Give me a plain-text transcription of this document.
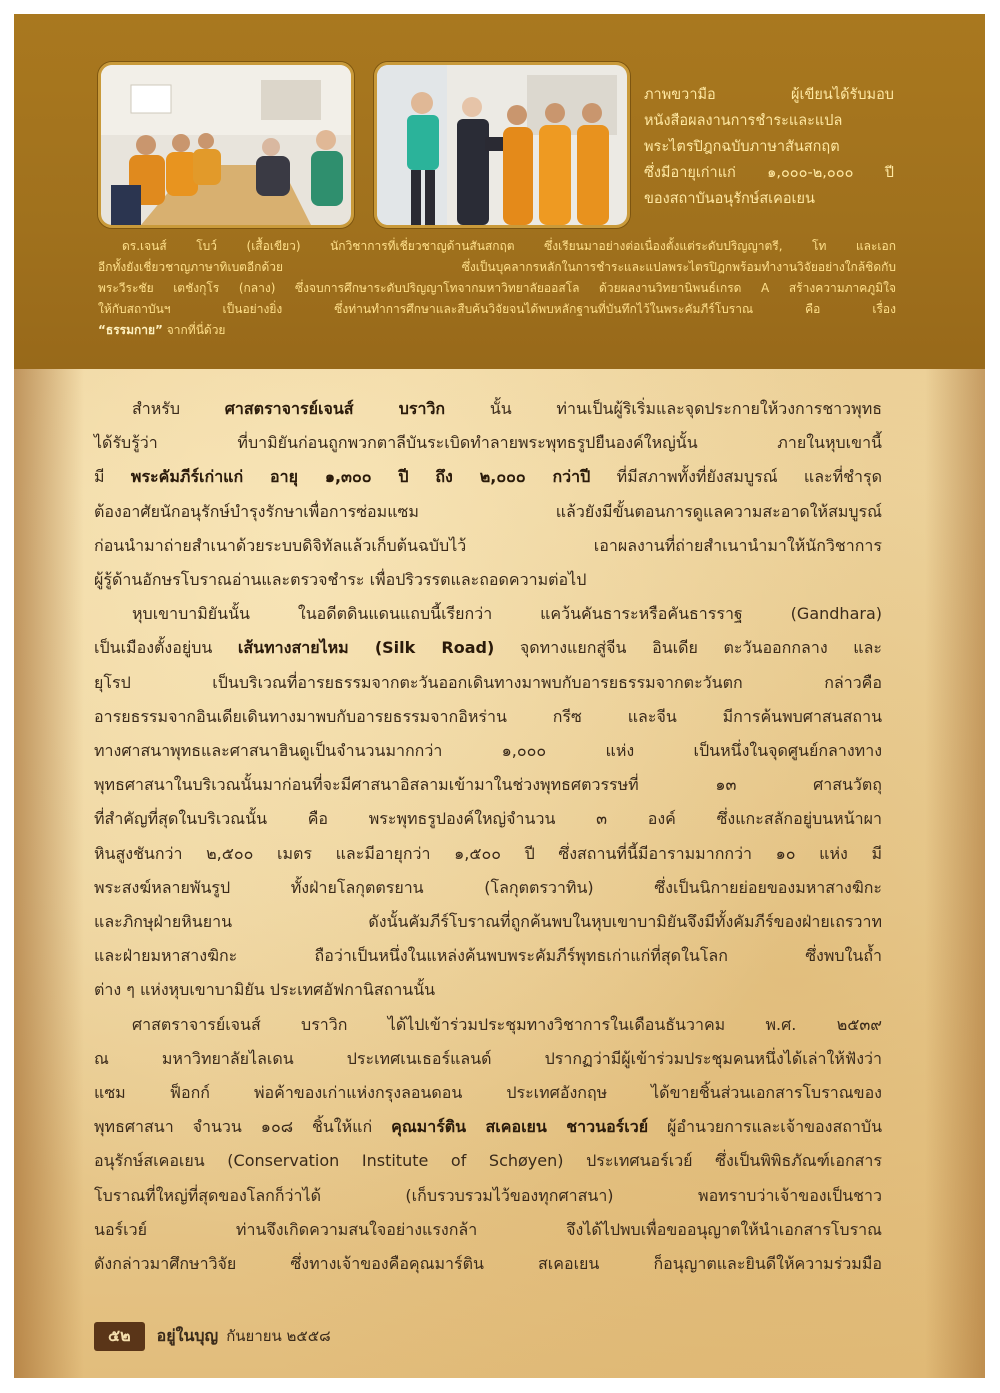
ภาพขวามือ ผู้เขียนได้รับมอบ
หนังสือผลงานการชำระและแปล
พระไตรปิฎกฉบับภาษาสันสกฤต
ซึ่งมีอายุเก่าแก่ ๑,๐๐๐-๒,๐๐๐ ปี
ของสถาบันอนุรักษ์สเคอเยน
ดร.เจนส์ โบว์ (เสื้อเขียว) นักวิชาการที่เชี่ยวชาญด้านสันสกฤต ซึ่งเรียนมาอย่างต่อเนื่องตั้งแต่ระดับปริญญาตรี, โท และเอก
อีกทั้งยังเชี่ยวชาญภาษาทิเบตอีกด้วย ซึ่งเป็นบุคลากรหลักในการชำระและแปลพระไตรปิฎกพร้อมทำงานวิจัยอย่างใกล้ชิดกับ
พระวีระชัย เตชังกุโร (กลาง) ซึ่งจบการศึกษาระดับปริญญาโทจากมหาวิทยาลัยออสโล ด้วยผลงานวิทยานิพนธ์เกรด A สร้างความภาคภูมิใจ
ให้กับสถาบันฯ เป็นอย่างยิ่ง ซึ่งท่านทำการศึกษาและสืบค้นวิจัยจนได้พบหลักฐานที่บันทึกไว้ในพระคัมภีร์โบราณ คือ เรื่อง
“ธรรมกาย” จากที่นี่ด้วย

สำหรับ ศาสตราจารย์เจนส์ บราวิก นั้น ท่านเป็นผู้ริเริ่มและจุดประกายให้วงการชาวพุทธ
ได้รับรู้ว่า ที่บามิยันก่อนถูกพวกตาลีบันระเบิดทำลายพระพุทธรูปยืนองค์ใหญ่นั้น ภายในหุบเขานี้
มี พระคัมภีร์เก่าแก่ อายุ ๑,๓๐๐ ปี ถึง ๒,๐๐๐ กว่าปี ที่มีสภาพทั้งที่ยังสมบูรณ์ และที่ชำรุด
ต้องอาศัยนักอนุรักษ์บำรุงรักษาเพื่อการซ่อมแซม แล้วยังมีขั้นตอนการดูแลความสะอาดให้สมบูรณ์
ก่อนนำมาถ่ายสำเนาด้วยระบบดิจิทัลแล้วเก็บต้นฉบับไว้ เอาผลงานที่ถ่ายสำเนานำมาให้นักวิชาการ
ผู้รู้ด้านอักษรโบราณอ่านและตรวจชำระ เพื่อปริวรรตและถอดความต่อไป

หุบเขาบามิยันนั้น ในอดีตดินแดนแถบนี้เรียกว่า แคว้นคันธาระหรือคันธารราฐ (Gandhara)
เป็นเมืองตั้งอยู่บน เส้นทางสายไหม (Silk Road) จุดทางแยกสู่จีน อินเดีย ตะวันออกกลาง และ
ยุโรป เป็นบริเวณที่อารยธรรมจากตะวันออกเดินทางมาพบกับอารยธรรมจากตะวันตก กล่าวคือ
อารยธรรมจากอินเดียเดินทางมาพบกับอารยธรรมจากอิหร่าน กรีซ และจีน มีการค้นพบศาสนสถาน
ทางศาสนาพุทธและศาสนาฮินดูเป็นจำนวนมากกว่า ๑,๐๐๐ แห่ง เป็นหนึ่งในจุดศูนย์กลางทาง
พุทธศาสนาในบริเวณนั้นมาก่อนที่จะมีศาสนาอิสลามเข้ามาในช่วงพุทธศตวรรษที่ ๑๓ ศาสนวัตถุ
ที่สำคัญที่สุดในบริเวณนั้น คือ พระพุทธรูปองค์ใหญ่จำนวน ๓ องค์ ซึ่งแกะสลักอยู่บนหน้าผา
หินสูงชันกว่า ๒,๕๐๐ เมตร และมีอายุกว่า ๑,๕๐๐ ปี ซึ่งสถานที่นี้มีอารามมากกว่า ๑๐ แห่ง มี
พระสงฆ์หลายพันรูป ทั้งฝ่ายโลกุตตรยาน (โลกุตตรวาทิน) ซึ่งเป็นนิกายย่อยของมหาสางฆิกะ
และภิกษุฝ่ายหินยาน ดังนั้นคัมภีร์โบราณที่ถูกค้นพบในหุบเขาบามิยันจึงมีทั้งคัมภีร์ของฝ่ายเถรวาท
และฝ่ายมหาสางฆิกะ ถือว่าเป็นหนึ่งในแหล่งค้นพบพระคัมภีร์พุทธเก่าแก่ที่สุดในโลก ซึ่งพบในถ้ำ
ต่าง ๆ แห่งหุบเขาบามิยัน ประเทศอัฟกานิสถานนั้น

ศาสตราจารย์เจนส์ บราวิก ได้ไปเข้าร่วมประชุมทางวิชาการในเดือนธันวาคม พ.ศ. ๒๕๓๙
ณ มหาวิทยาลัยไลเดน ประเทศเนเธอร์แลนด์ ปรากฏว่ามีผู้เข้าร่วมประชุมคนหนึ่งได้เล่าให้ฟังว่า
แซม ฟ็อกก์ พ่อค้าของเก่าแห่งกรุงลอนดอน ประเทศอังกฤษ ได้ขายชิ้นส่วนเอกสารโบราณของ
พุทธศาสนา จำนวน ๑๐๘ ชิ้นให้แก่ คุณมาร์ติน สเคอเยน ชาวนอร์เวย์ ผู้อำนวยการและเจ้าของสถาบัน
อนุรักษ์สเคอเยน (Conservation Institute of Schøyen) ประเทศนอร์เวย์ ซึ่งเป็นพิพิธภัณฑ์เอกสาร
โบราณที่ใหญ่ที่สุดของโลกก็ว่าได้ (เก็บรวบรวมไว้ของทุกศาสนา) พอทราบว่าเจ้าของเป็นชาว
นอร์เวย์ ท่านจึงเกิดความสนใจอย่างแรงกล้า จึงได้ไปพบเพื่อขออนุญาตให้นำเอกสารโบราณ
ดังกล่าวมาศึกษาวิจัย ซึ่งทางเจ้าของคือคุณมาร์ติน สเคอเยน ก็อนุญาตและยินดีให้ความร่วมมือ

๕๒	อยู่ในบุญ กันยายน ๒๕๕๘
